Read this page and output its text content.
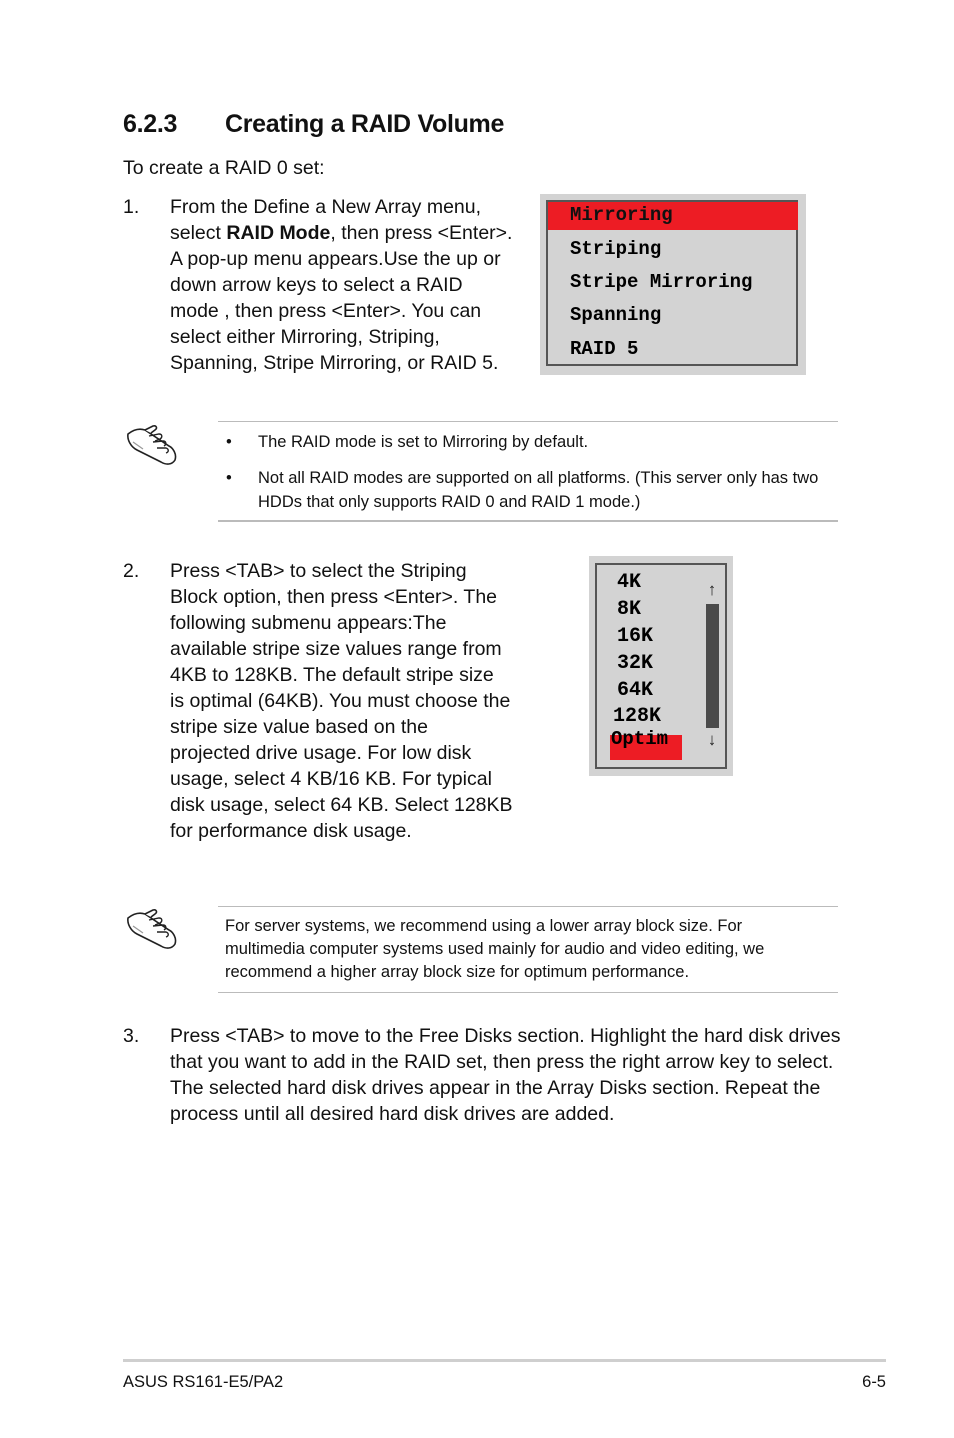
6.2.3 Creating a RAID Volume
To create a RAID 0 set:
1.	From the Define a New Array menu, select RAID Mode, then press <Enter>. A pop-up menu appears.Use the up or down arrow keys to select a RAID mode , then press <Enter>. You can select either Mirroring, Striping, Spanning, Stripe Mirroring, or RAID 5.
Mirroring
Striping
Stripe Mirroring
Spanning
RAID 5
•	The RAID mode is set to Mirroring by default.
•	Not all RAID modes are supported on all platforms. (This server only has two HDDs that only supports RAID 0 and RAID 1 mode.)
2.	Press <TAB> to select the Striping Block option, then press <Enter>. The following submenu appears:The available stripe size values range from 4KB to 128KB. The default stripe size is optimal (64KB). You must choose the stripe size value based on the projected drive usage. For low disk usage, select 4 KB/16 KB. For typical disk usage, select 64 KB. Select 128KB for performance disk usage.
4K
8K
16K
32K
64K
128K
Optim
↑
↓
For server systems, we recommend using a lower array block size. For multimedia computer systems used mainly for audio and video editing, we recommend a higher array block size for optimum performance.
3.	Press <TAB> to move to the Free Disks section. Highlight the hard disk drives that you want to add in the RAID set, then press the right arrow key to select. The selected hard disk drives appear in the Array Disks section. Repeat the process until all desired hard disk drives are added.
ASUS RS161-E5/PA2	6-5
